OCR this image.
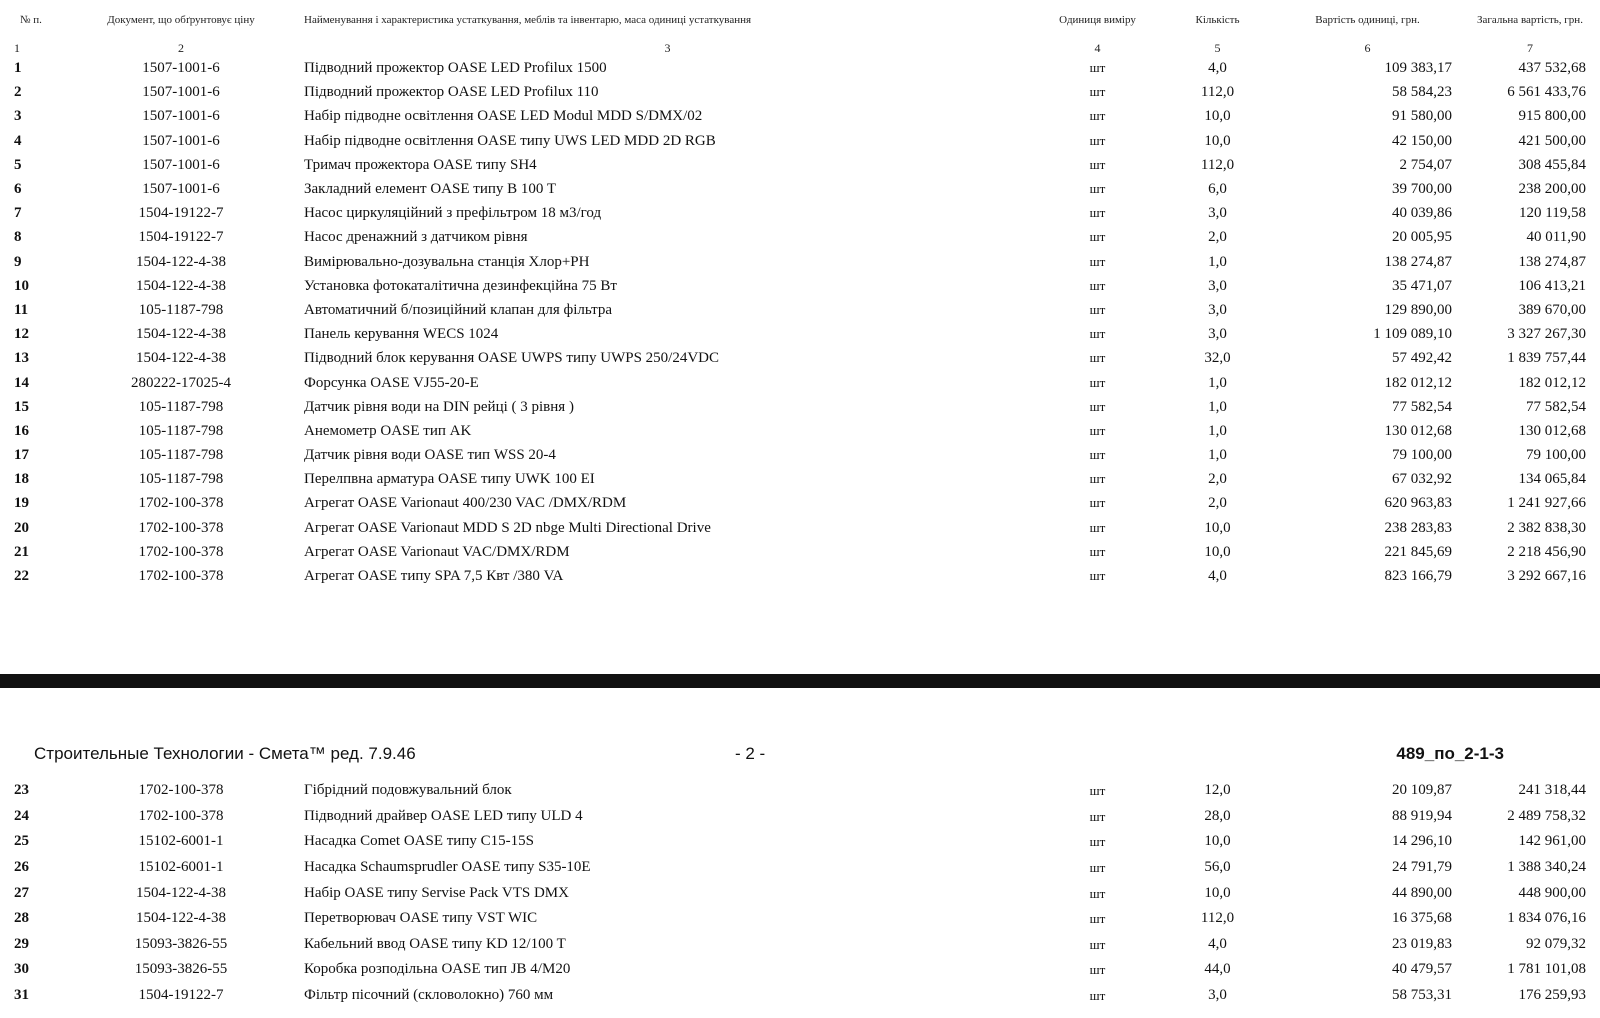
№ п.	Документ, що обґрунтовує ціну	Найменування і характеристика устаткування, меблів та інвентарю, маса одиниці устаткування	Одиниця виміру	Кількість	Вартість одиниці, грн.	Загальна вартість, грн.
1	2	3	4	5	6	7
1	1507-1001-6	Підводний прожектор OASE LED Profilux 1500	шт	4,0	109 383,17	437 532,68
2	1507-1001-6	Підводний прожектор OASE LED Profilux 110	шт	112,0	58 584,23	6 561 433,76
3	1507-1001-6	Набір підводне освітлення OASE LED Modul MDD S/DMX/02	шт	10,0	91 580,00	915 800,00
4	1507-1001-6	Набір підводне освітлення OASE типу UWS LED MDD 2D RGB	шт	10,0	42 150,00	421 500,00
5	1507-1001-6	Тримач прожектора OASE типу SH4	шт	112,0	2 754,07	308 455,84
6	1507-1001-6	Закладний елемент OASE типу B 100 T	шт	6,0	39 700,00	238 200,00
7	1504-19122-7	Насос циркуляційний з префільтром 18 м3/год	шт	3,0	40 039,86	120 119,58
8	1504-19122-7	Насос дренажний з датчиком рівня	шт	2,0	20 005,95	40 011,90
9	1504-122-4-38	Вимірювально-дозувальна станція Хлор+PH	шт	1,0	138 274,87	138 274,87
10	1504-122-4-38	Установка фотокаталітична дезинфекційна 75 Вт	шт	3,0	35 471,07	106 413,21
11	105-1187-798	Автоматичний б/позиційний клапан для фільтра	шт	3,0	129 890,00	389 670,00
12	1504-122-4-38	Панель керування WECS 1024	шт	3,0	1 109 089,10	3 327 267,30
13	1504-122-4-38	Підводний блок керування OASE UWPS типу UWPS 250/24VDC	шт	32,0	57 492,42	1 839 757,44
14	280222-17025-4	Форсунка OASE VJ55-20-E	шт	1,0	182 012,12	182 012,12
15	105-1187-798	Датчик рівня води на DIN рейці ( 3 рівня )	шт	1,0	77 582,54	77 582,54
16	105-1187-798	Анемометр OASE тип AK	шт	1,0	130 012,68	130 012,68
17	105-1187-798	Датчик рівня води OASE тип WSS 20-4	шт	1,0	79 100,00	79 100,00
18	105-1187-798	Перелпвна арматура OASE типу UWK 100 EI	шт	2,0	67 032,92	134 065,84
19	1702-100-378	Агрегат OASE Varionaut 400/230 VAC /DMX/RDM	шт	2,0	620 963,83	1 241 927,66
20	1702-100-378	Агрегат OASE Varionaut MDD S 2D nbge Multi Directional Drive	шт	10,0	238 283,83	2 382 838,30
21	1702-100-378	Агрегат OASE Varionaut VAC/DMX/RDM	шт	10,0	221 845,69	2 218 456,90
22	1702-100-378	Агрегат OASE типу SPA 7,5 Квт /380 VA	шт	4,0	823 166,79	3 292 667,16
Строительные Технологии - Смета™ ред. 7.9.46	- 2 -	489_по_2-1-3
23	1702-100-378	Гібрідний подовжувальний блок	шт	12,0	20 109,87	241 318,44
24	1702-100-378	Підводний драйвер OASE LED типу ULD 4	шт	28,0	88 919,94	2 489 758,32
25	15102-6001-1	Насадка Comet OASE типу C15-15S	шт	10,0	14 296,10	142 961,00
26	15102-6001-1	Насадка Schaumsprudler OASE типу S35-10E	шт	56,0	24 791,79	1 388 340,24
27	1504-122-4-38	Набір OASE типу Servise Pack VTS DMX	шт	10,0	44 890,00	448 900,00
28	1504-122-4-38	Перетворювач OASE типу VST WIC	шт	112,0	16 375,68	1 834 076,16
29	15093-3826-55	Кабельний ввод OASE типу KD 12/100 T	шт	4,0	23 019,83	92 079,32
30	15093-3826-55	Коробка розподільна OASE тип JB 4/M20	шт	44,0	40 479,57	1 781 101,08
31	1504-19122-7	Фільтр пісочний (скловолокно) 760 мм	шт	3,0	58 753,31	176 259,93
